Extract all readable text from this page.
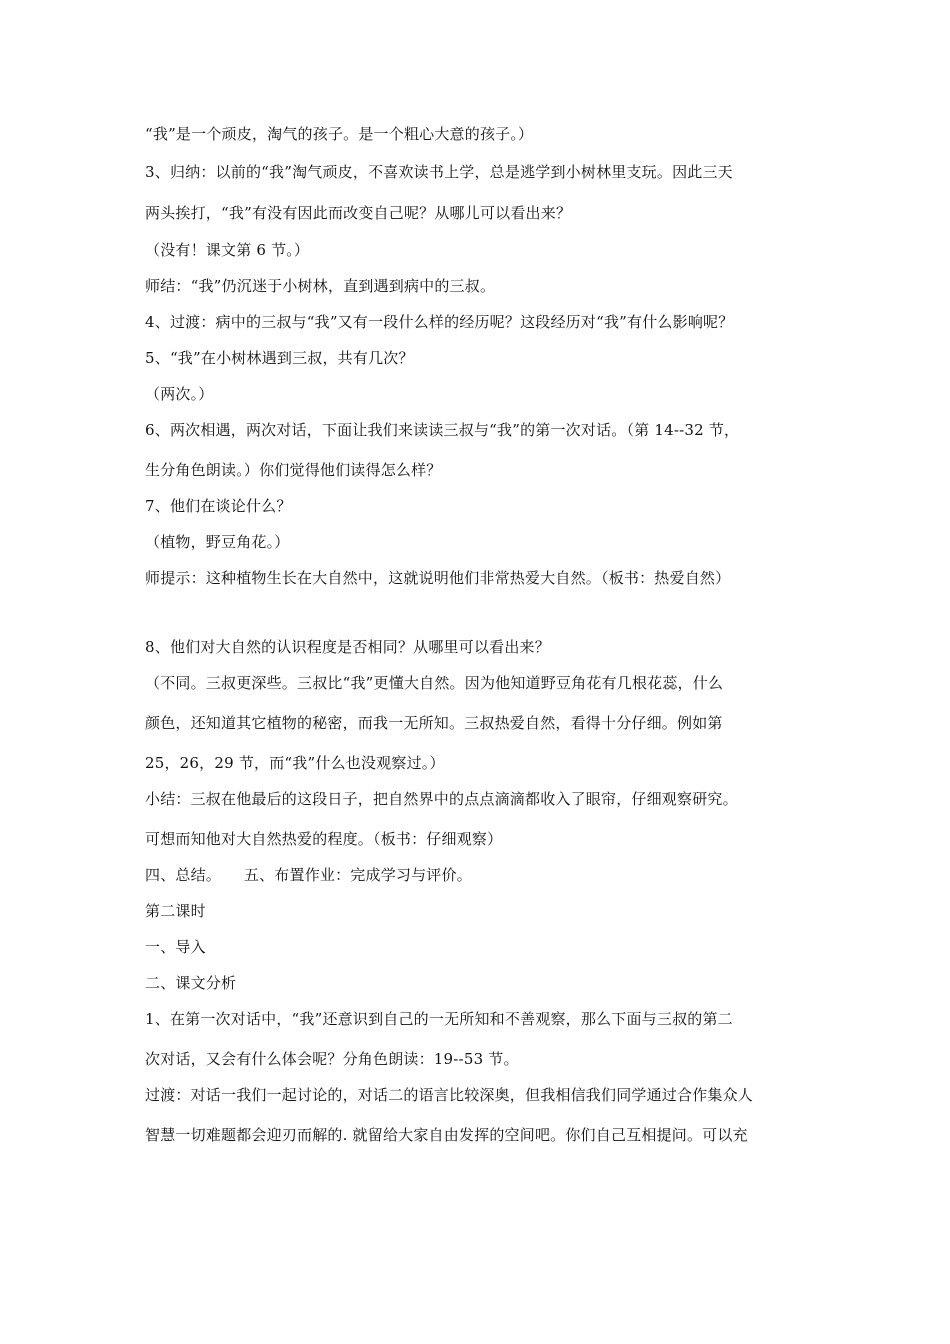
“我”是一个顽皮，淘气的孩子。是一个粗心大意的孩子。）
3、归纳：以前的“我”淘气顽皮，不喜欢读书上学，总是逃学到小树林里支玩。因此三天
两头挨打，“我”有没有因此而改变自己呢？从哪儿可以看出来？
（没有！课文第 6 节。）
师结：“我”仍沉迷于小树林，直到遇到病中的三叔。
4、过渡：病中的三叔与“我”又有一段什么样的经历呢？这段经历对“我”有什么影响呢？
5、“我”在小树林遇到三叔，共有几次？
（两次。）
6、两次相遇，两次对话，下面让我们来读读三叔与“我”的第一次对话。（第 14--32 节，
生分角色朗读。）你们觉得他们读得怎么样？
7、他们在谈论什么？
（植物，野豆角花。）
师提示：这种植物生长在大自然中，这就说明他们非常热爱大自然。（板书：热爱自然）
8、他们对大自然的认识程度是否相同？从哪里可以看出来？
（不同。三叔更深些。三叔比“我”更懂大自然。因为他知道野豆角花有几根花蕊，什么
颜色，还知道其它植物的秘密，而我一无所知。三叔热爱自然，看得十分仔细。例如第
25，26，29 节，而“我”什么也没观察过。）
小结：三叔在他最后的这段日子，把自然界中的点点滴滴都收入了眼帘，仔细观察研究。
可想而知他对大自然热爱的程度。（板书：仔细观察）
四、总结。　　五、布置作业：完成学习与评价。
第二课时
一、导入
二、课文分析
1、在第一次对话中，“我”还意识到自己的一无所知和不善观察，那么下面与三叔的第二
次对话，又会有什么体会呢？分角色朗读：19--53 节。
过渡：对话一我们一起讨论的，对话二的语言比较深奥，但我相信我们同学通过合作集众人
智慧一切难题都会迎刃而解的. 就留给大家自由发挥的空间吧。你们自己互相提问。可以充
